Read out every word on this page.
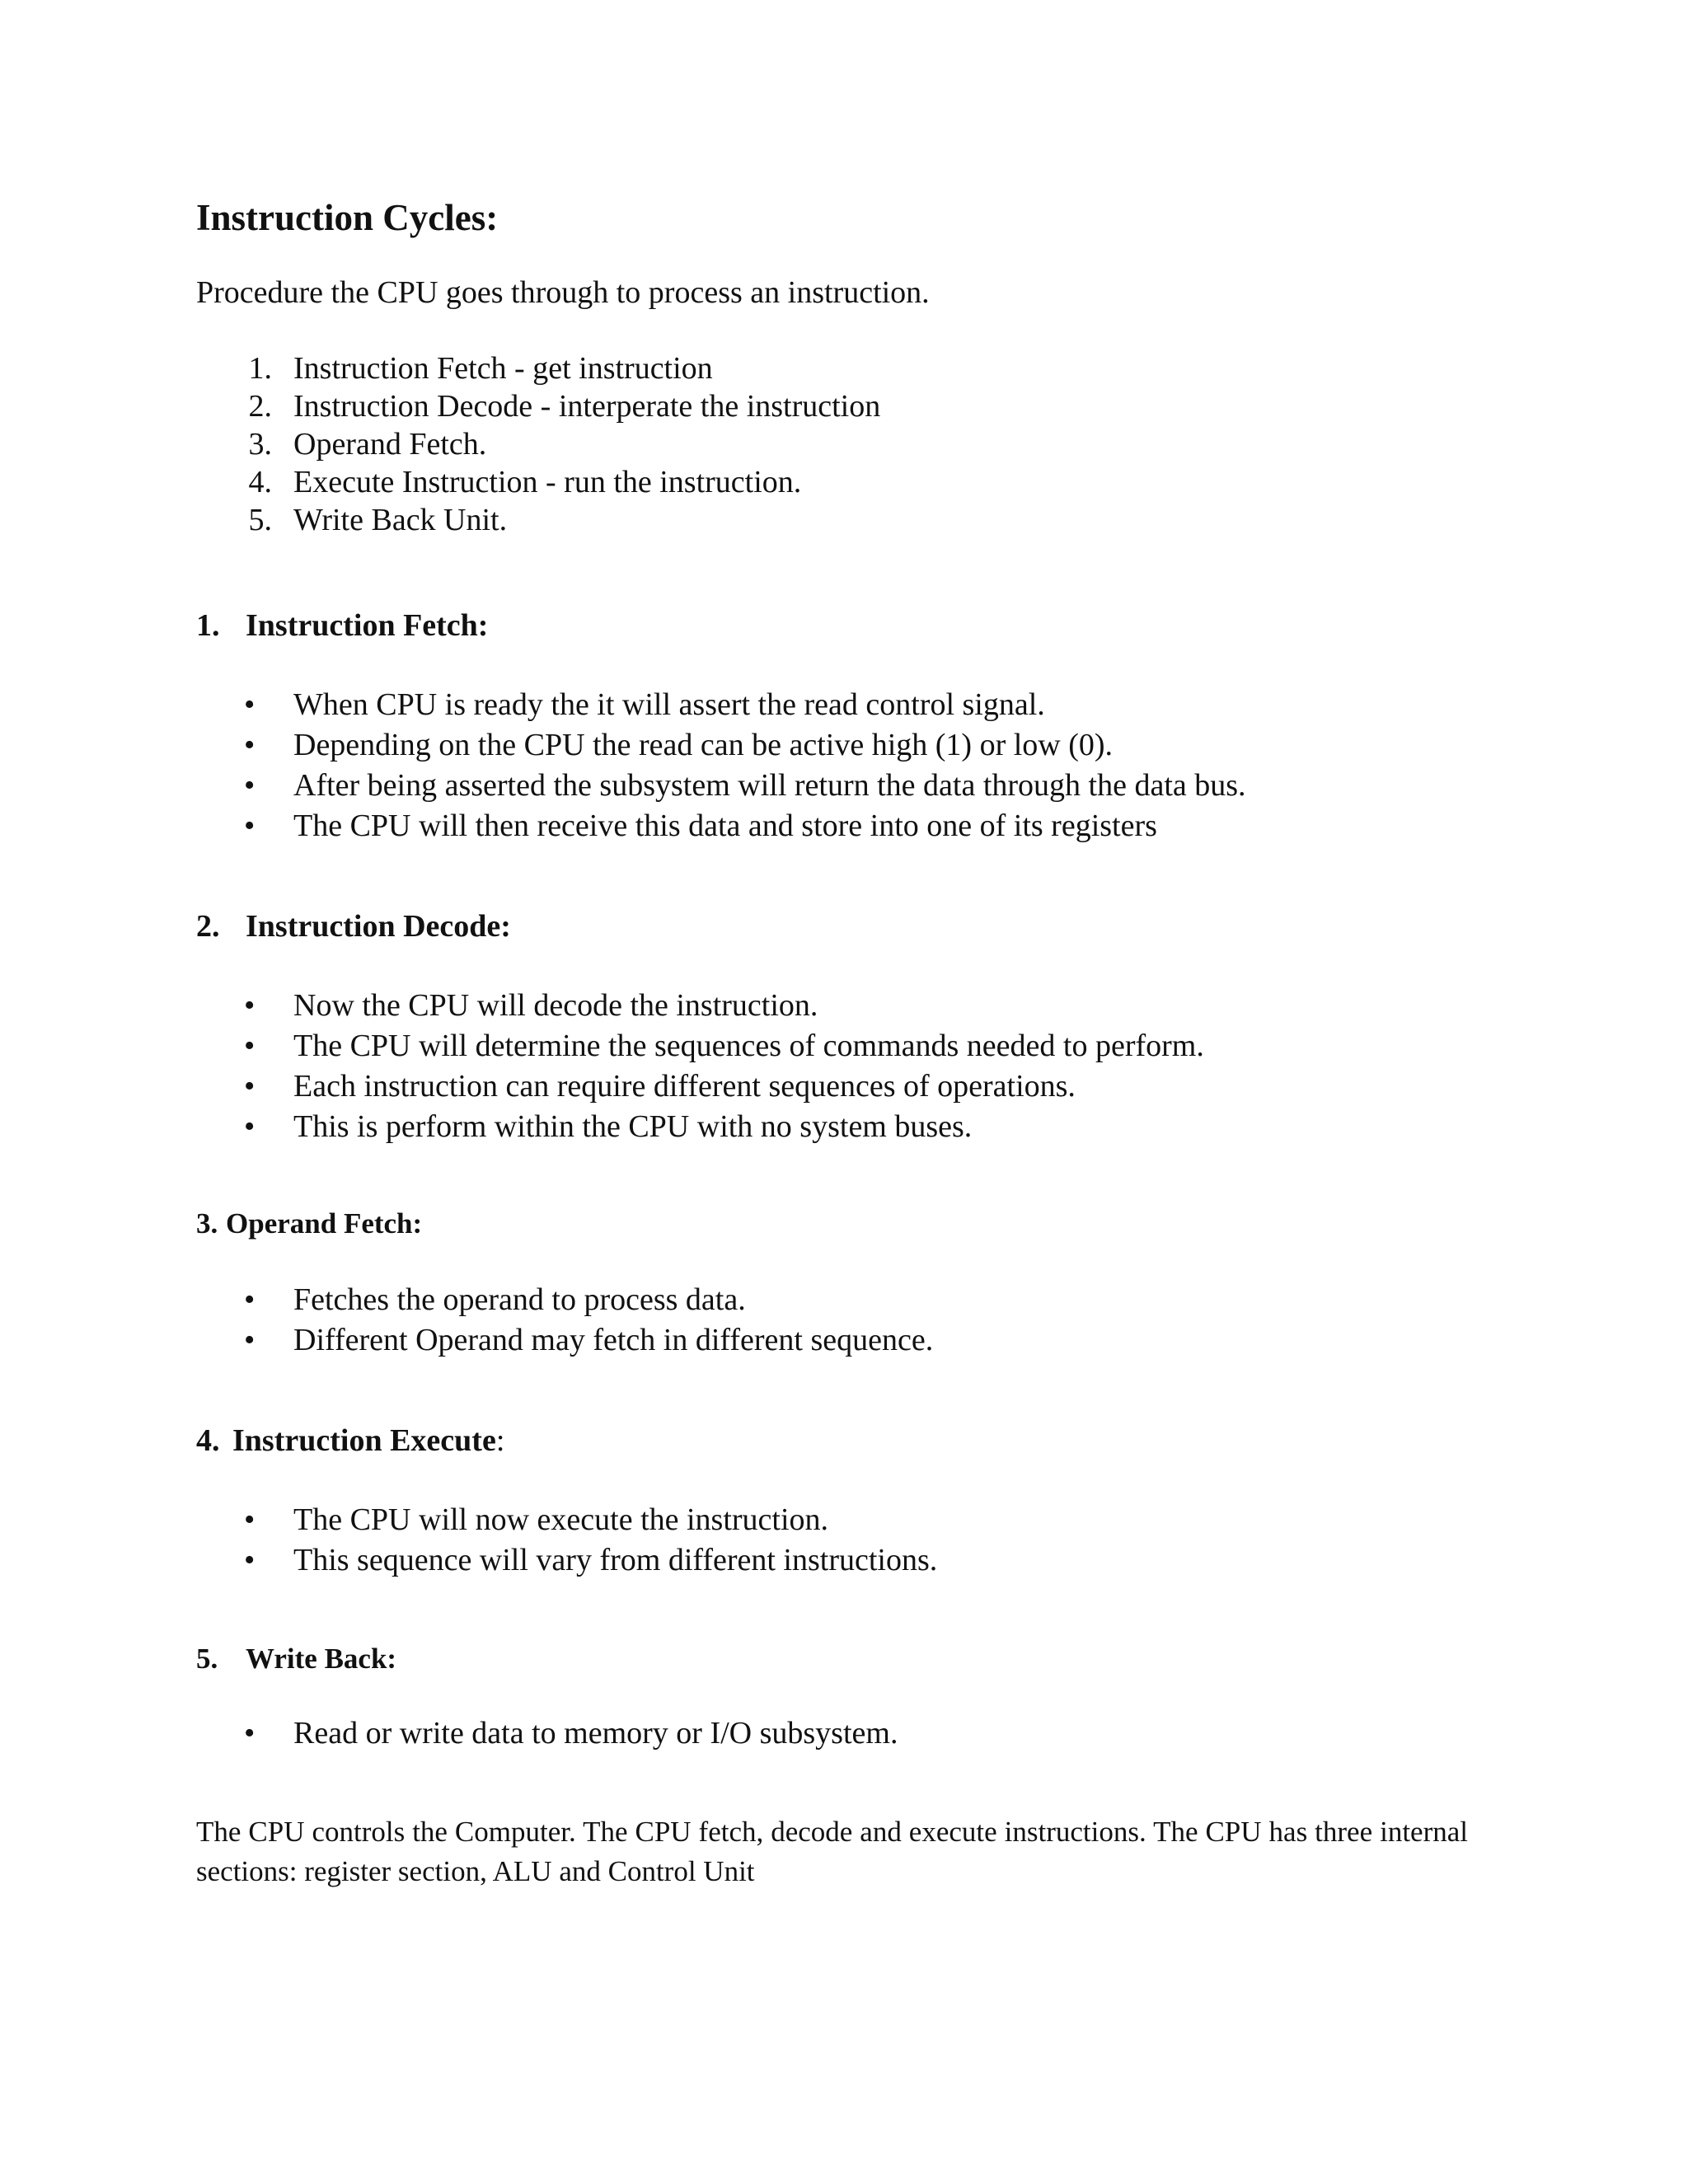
Instruction Cycles:
Procedure the CPU goes through to process an instruction.
1. Instruction Fetch - get instruction
2. Instruction Decode - interperate the instruction
3. Operand Fetch.
4. Execute Instruction - run the instruction.
5. Write Back Unit.
1. Instruction Fetch:
• When CPU is ready the it will assert the read control signal.
• Depending on the CPU the read can be active high (1) or low (0).
• After being asserted the subsystem will return the data through the data bus.
• The CPU will then receive this data and store into one of its registers
2. Instruction Decode:
• Now the CPU will decode the instruction.
• The CPU will determine the sequences of commands needed to perform.
• Each instruction can require different sequences of operations.
• This is perform within the CPU with no system buses.
3. Operand Fetch:
• Fetches the operand to process data.
• Different Operand may fetch in different sequence.
4. Instruction Execute:
• The CPU will now execute the instruction.
• This sequence will vary from different instructions.
5. Write Back:
• Read or write data to memory or I/O subsystem.
The CPU controls the Computer. The CPU fetch, decode and execute instructions. The CPU has three internal sections: register section, ALU and Control Unit
